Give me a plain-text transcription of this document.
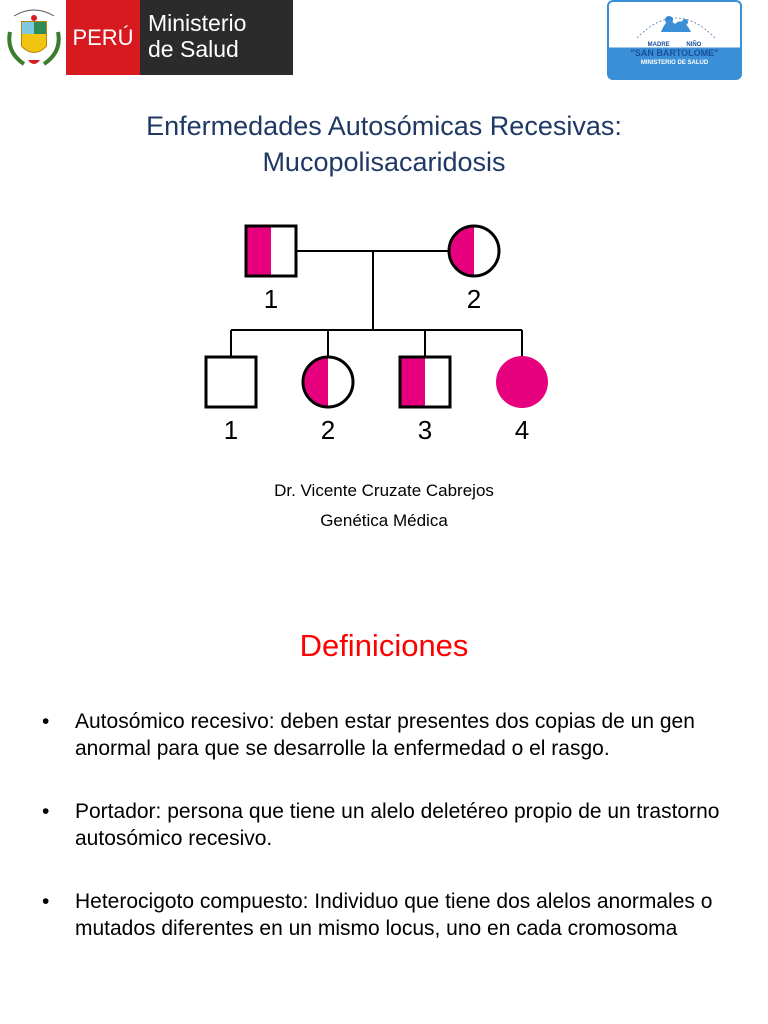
PERÚ
Ministerio
de Salud	MADRE	NIÑO
"SAN BARTOLOME"
MINISTERIO DE SALUD
Enfermedades Autosómicas Recesivas:
Mucopolisacaridosis
1	2
1	2	3	4
Dr. Vicente Cruzate Cabrejos
Genética Médica
Definiciones
• Autosómico recesivo: deben estar presentes dos copias de un gen anormal para que se desarrolle la enfermedad o el rasgo.
• Portador: persona que tiene un alelo deletéreo propio de un trastorno autosómico recesivo.
• Heterocigoto compuesto: Individuo que tiene dos alelos anormales o mutados diferentes en un mismo locus, uno en cada cromosoma
